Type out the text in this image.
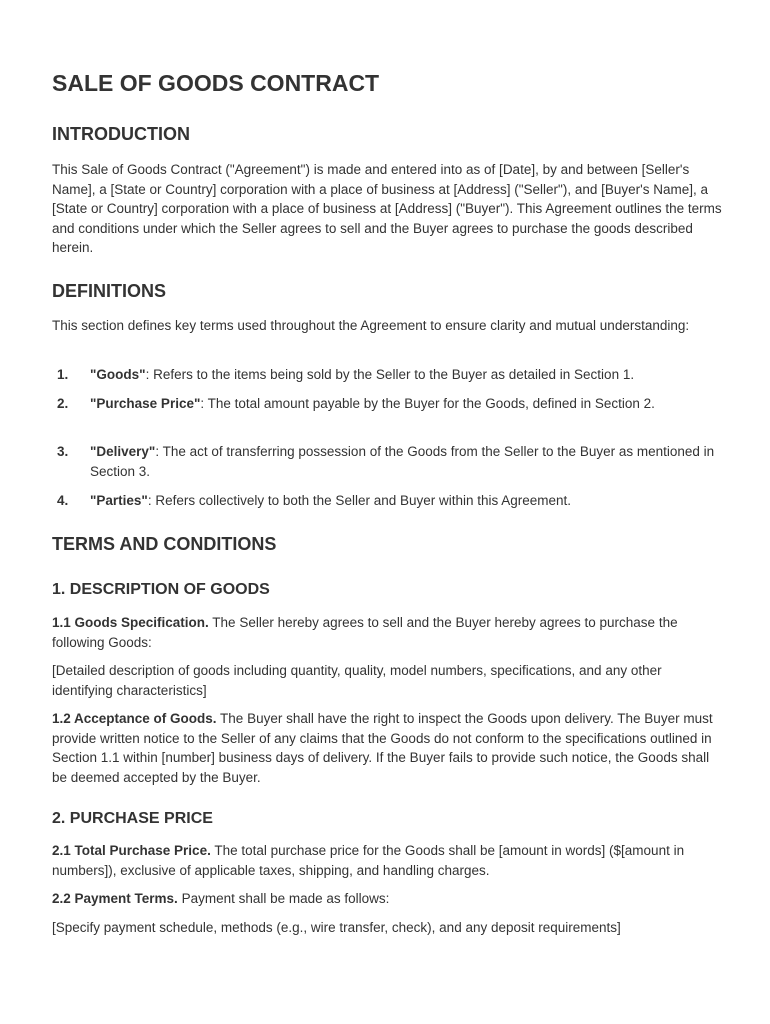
SALE OF GOODS CONTRACT
INTRODUCTION

This Sale of Goods Contract ("Agreement") is made and entered into as of [Date], by and between [Seller's Name], a [State or Country] corporation with a place of business at [Address] ("Seller"), and [Buyer's Name], a [State or Country] corporation with a place of business at [Address] ("Buyer"). This Agreement outlines the terms and conditions under which the Seller agrees to sell and the Buyer agrees to purchase the goods described herein.

DEFINITIONS

This section defines key terms used throughout the Agreement to ensure clarity and mutual understanding:

1. "Goods": Refers to the items being sold by the Seller to the Buyer as detailed in Section 1.
2. "Purchase Price": The total amount payable by the Buyer for the Goods, defined in Section 2.
3. "Delivery": The act of transferring possession of the Goods from the Seller to the Buyer as mentioned in Section 3.
4. "Parties": Refers collectively to both the Seller and Buyer within this Agreement.
TERMS AND CONDITIONS
1. DESCRIPTION OF GOODS

1.1 Goods Specification. The Seller hereby agrees to sell and the Buyer hereby agrees to purchase the following Goods:

[Detailed description of goods including quantity, quality, model numbers, specifications, and any other identifying characteristics]

1.2 Acceptance of Goods. The Buyer shall have the right to inspect the Goods upon delivery. The Buyer must provide written notice to the Seller of any claims that the Goods do not conform to the specifications outlined in Section 1.1 within [number] business days of delivery. If the Buyer fails to provide such notice, the Goods shall be deemed accepted by the Buyer.

2. PURCHASE PRICE

2.1 Total Purchase Price. The total purchase price for the Goods shall be [amount in words] ($[amount in numbers]), exclusive of applicable taxes, shipping, and handling charges.

2.2 Payment Terms. Payment shall be made as follows:

[Specify payment schedule, methods (e.g., wire transfer, check), and any deposit requirements]
